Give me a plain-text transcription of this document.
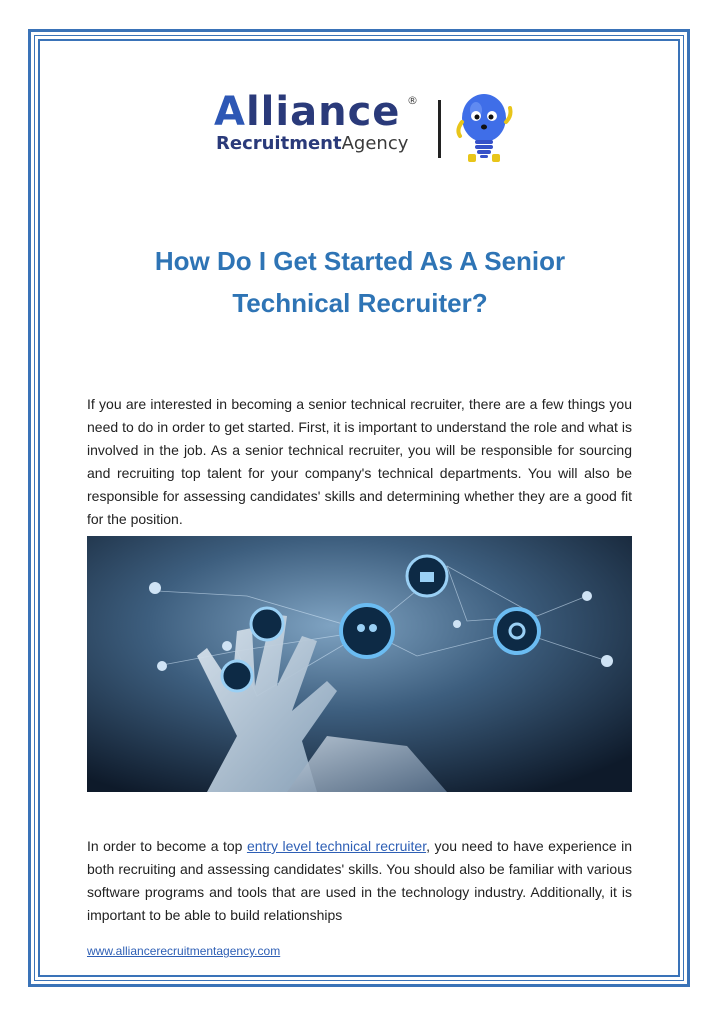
Alliance ®
RecruitmentAgency
How Do I Get Started As A Senior
Technical Recruiter?
If you are interested in becoming a senior technical recruiter, there are a few things you need to do in order to get started. First, it is important to understand the role and what is involved in the job. As a senior technical recruiter, you will be responsible for sourcing and recruiting top talent for your company's technical departments. You will also be responsible for assessing candidates' skills and determining whether they are a good fit for the position.
In order to become a top entry level technical recruiter, you need to have experience in both recruiting and assessing candidates' skills. You should also be familiar with various software programs and tools that are used in the technology industry. Additionally, it is important to be able to build relationships
www.alliancerecruitmentagency.com
